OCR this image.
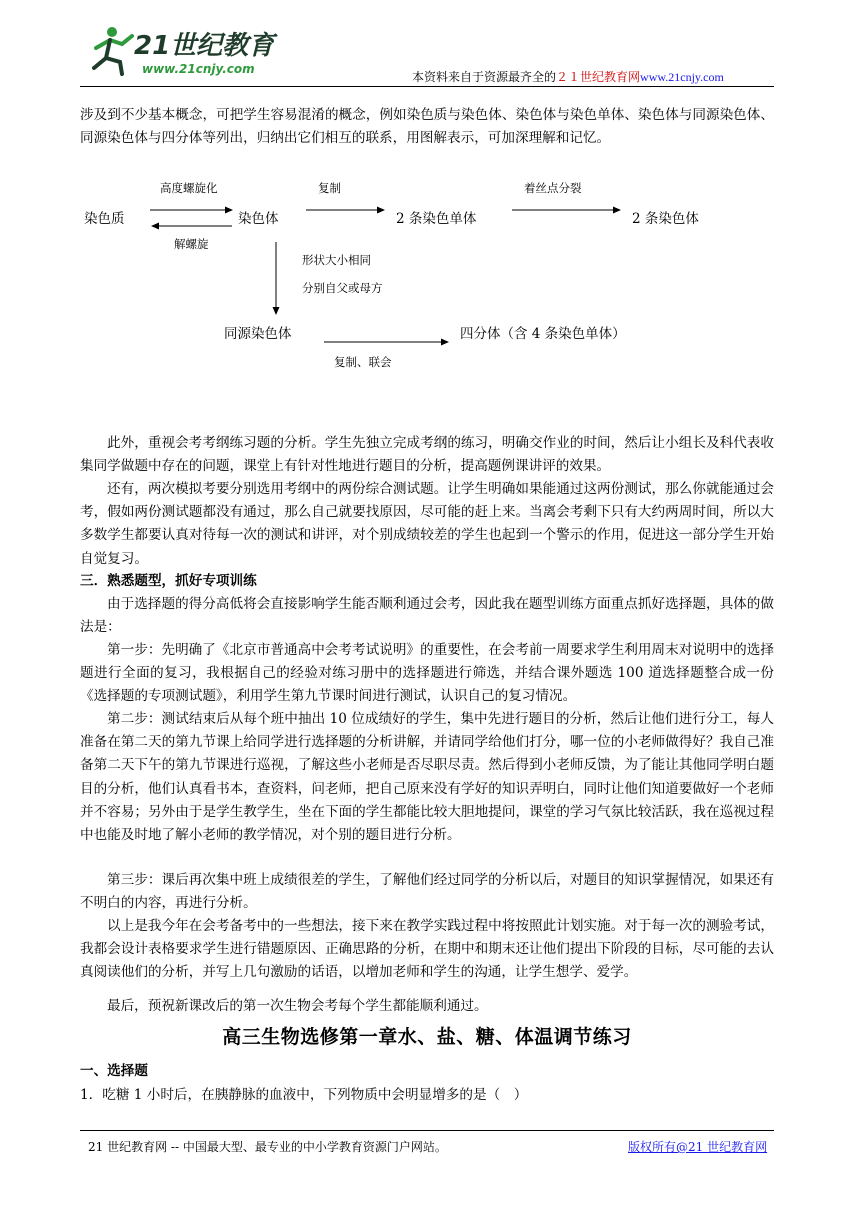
21世纪教育
www.21cnjy.com
本资料来自于资源最齐全的２１世纪教育网www.21cnjy.com
涉及到不少基本概念，可把学生容易混淆的概念，例如染色质与染色体、染色体与染色单体、染色体与同源染色体、同源染色体与四分体等列出，归纳出它们相互的联系，用图解表示，可加深理解和记忆。
高度螺旋化
染色质	染色体
解螺旋
复制
2 条染色单体
着丝点分裂
2 条染色体
形状大小相同
分别自父或母方
同源染色体	四分体（含 4 条染色单体）
复制、联会
此外，重视会考考纲练习题的分析。学生先独立完成考纲的练习，明确交作业的时间，然后让小组长及科代表收集同学做题中存在的问题，课堂上有针对性地进行题目的分析，提高题例课讲评的效果。
还有，两次模拟考要分别选用考纲中的两份综合测试题。让学生明确如果能通过这两份测试，那么你就能通过会考，假如两份测试题都没有通过，那么自己就要找原因，尽可能的赶上来。当离会考剩下只有大约两周时间，所以大多数学生都要认真对待每一次的测试和讲评，对个别成绩较差的学生也起到一个警示的作用，促进这一部分学生开始自觉复习。
三．熟悉题型，抓好专项训练
由于选择题的得分高低将会直接影响学生能否顺利通过会考，因此我在题型训练方面重点抓好选择题，具体的做法是：
第一步：先明确了《北京市普通高中会考考试说明》的重要性，在会考前一周要求学生利用周末对说明中的选择题进行全面的复习，我根据自己的经验对练习册中的选择题进行筛选，并结合课外题选 100 道选择题整合成一份《选择题的专项测试题》，利用学生第九节课时间进行测试，认识自己的复习情况。
第二步：测试结束后从每个班中抽出 10 位成绩好的学生，集中先进行题目的分析，然后让他们进行分工，每人准备在第二天的第九节课上给同学进行选择题的分析讲解，并请同学给他们打分，哪一位的小老师做得好？我自己准备第二天下午的第九节课进行巡视，了解这些小老师是否尽职尽责。然后得到小老师反馈，为了能让其他同学明白题目的分析，他们认真看书本，查资料，问老师，把自己原来没有学好的知识弄明白，同时让他们知道要做好一个老师并不容易；另外由于是学生教学生，坐在下面的学生都能比较大胆地提问，课堂的学习气氛比较活跃，我在巡视过程中也能及时地了解小老师的教学情况，对个别的题目进行分析。
第三步：课后再次集中班上成绩很差的学生，了解他们经过同学的分析以后，对题目的知识掌握情况，如果还有不明白的内容，再进行分析。
以上是我今年在会考备考中的一些想法，接下来在教学实践过程中将按照此计划实施。对于每一次的测验考试，我都会设计表格要求学生进行错题原因、正确思路的分析，在期中和期末还让他们提出下阶段的目标，尽可能的去认真阅读他们的分析，并写上几句激励的话语，以增加老师和学生的沟通，让学生想学、爱学。
最后，预祝新课改后的第一次生物会考每个学生都能顺利通过。
高三生物选修第一章水、盐、糖、体温调节练习
一、选择题
1．吃糖 1 小时后，在胰静脉的血液中，下列物质中会明显增多的是（　）
21 世纪教育网 -- 中国最大型、最专业的中小学教育资源门户网站。	版权所有@21 世纪教育网
